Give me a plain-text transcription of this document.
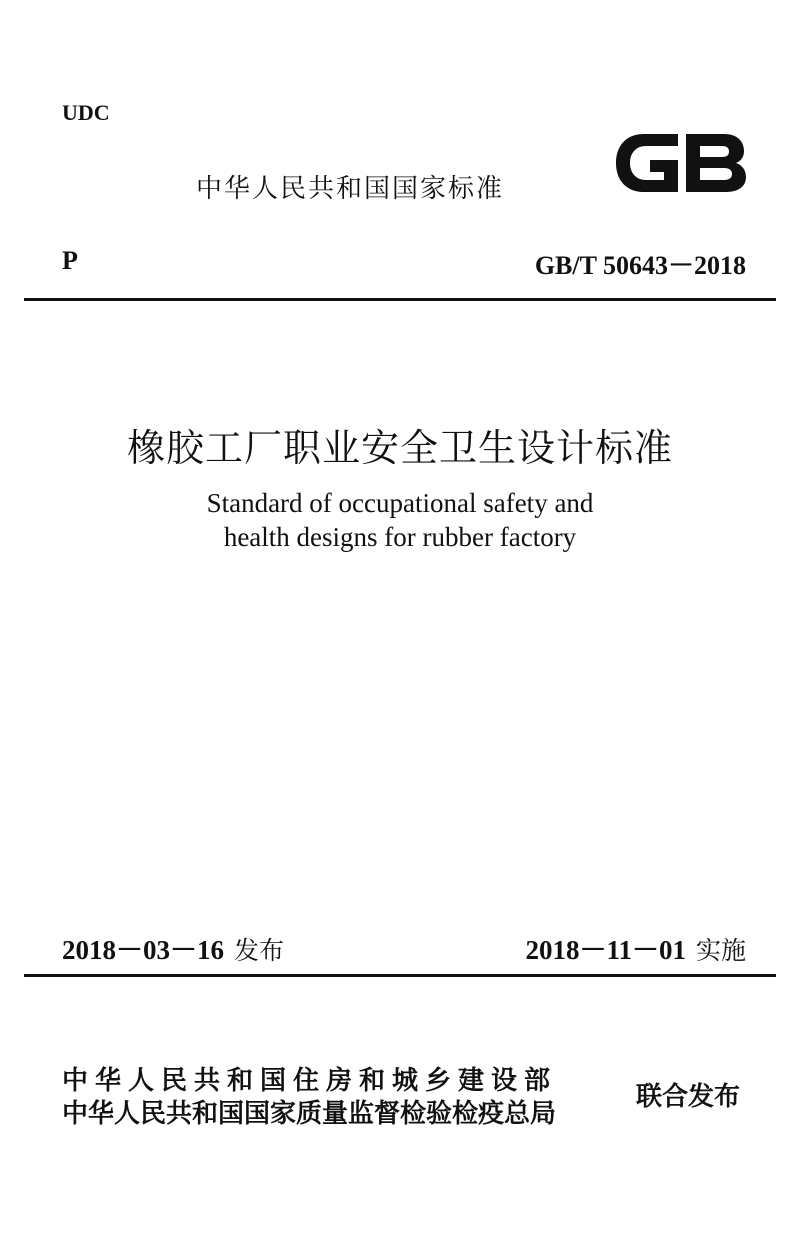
UDC
中华人民共和国国家标准
P	GB/T 50643－2018
橡胶工厂职业安全卫生设计标准
Standard of occupational safety and
health designs for rubber factory
2018－03－16 发布	2018－11－01 实施
中华人民共和国住房和城乡建设部
中华人民共和国国家质量监督检验检疫总局
联合发布
